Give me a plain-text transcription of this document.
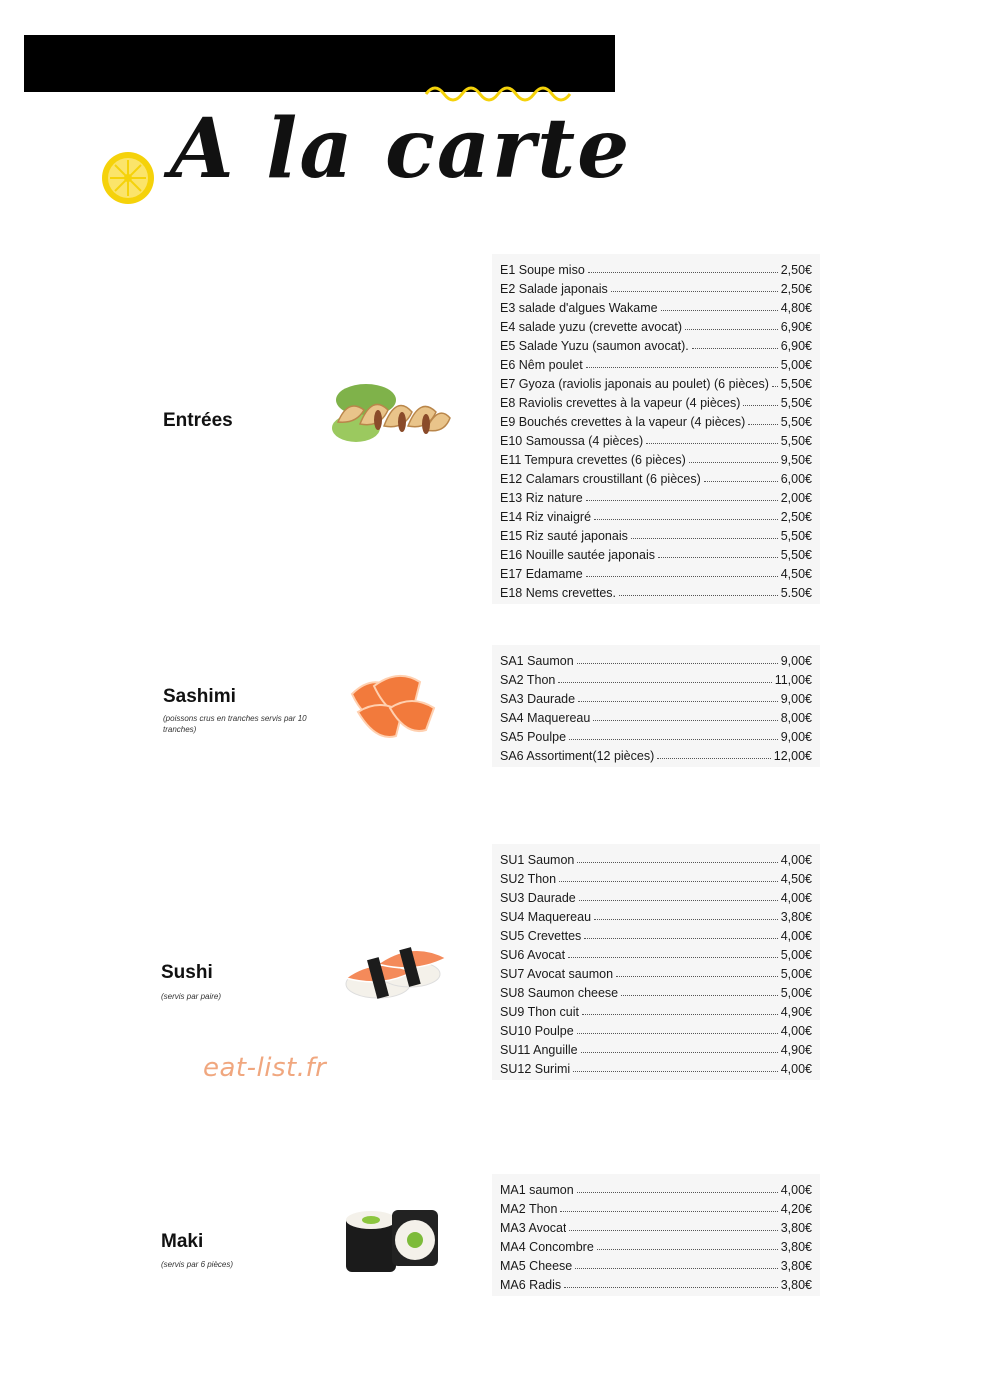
A la carte
Entrées
E1 Soupe miso	2,50€
E2 Salade japonais	2,50€
E3 salade d'algues Wakame	4,80€
E4 salade yuzu (crevette avocat)	6,90€
E5 Salade Yuzu (saumon avocat).	6,90€
E6 Nêm poulet	5,00€
E7 Gyoza (raviolis japonais au poulet) (6 pièces) 5,50€
E8 Raviolis crevettes à la vapeur (4 pièces)	5,50€
E9 Bouchés crevettes à la vapeur (4 pièces)	5,50€
E10 Samoussa (4 pièces)	5,50€
E11 Tempura crevettes (6 pièces)	9,50€
E12 Calamars croustillant (6 pièces)	6,00€
E13 Riz nature	2,00€
E14 Riz vinaigré	2,50€
E15 Riz sauté japonais	5,50€
E16 Nouille sautée japonais	5,50€
E17 Edamame	4,50€
E18 Nems crevettes.	5.50€
Sashimi
(poissons crus en tranches servis par 10 tranches)
SA1 Saumon	9,00€
SA2 Thon	11,00€
SA3 Daurade	9,00€
SA4 Maquereau	8,00€
SA5 Poulpe	9,00€
SA6 Assortiment(12 pièces)	12,00€
Sushi
(servis par paire)
SU1 Saumon	4,00€
SU2 Thon	4,50€
SU3 Daurade	4,00€
SU4 Maquereau	3,80€
SU5 Crevettes	4,00€
SU6 Avocat	5,00€
SU7 Avocat saumon	5,00€
SU8 Saumon cheese	5,00€
SU9 Thon cuit	4,90€
SU10 Poulpe	4,00€
SU11 Anguille	4,90€
SU12 Surimi	4,00€

eat-list.fr

Maki
(servis par 6 pièces)
MA1 saumon	4,00€
MA2 Thon	4,20€
MA3 Avocat	3,80€
MA4 Concombre	3,80€
MA5 Cheese	3,80€
MA6 Radis	3,80€
